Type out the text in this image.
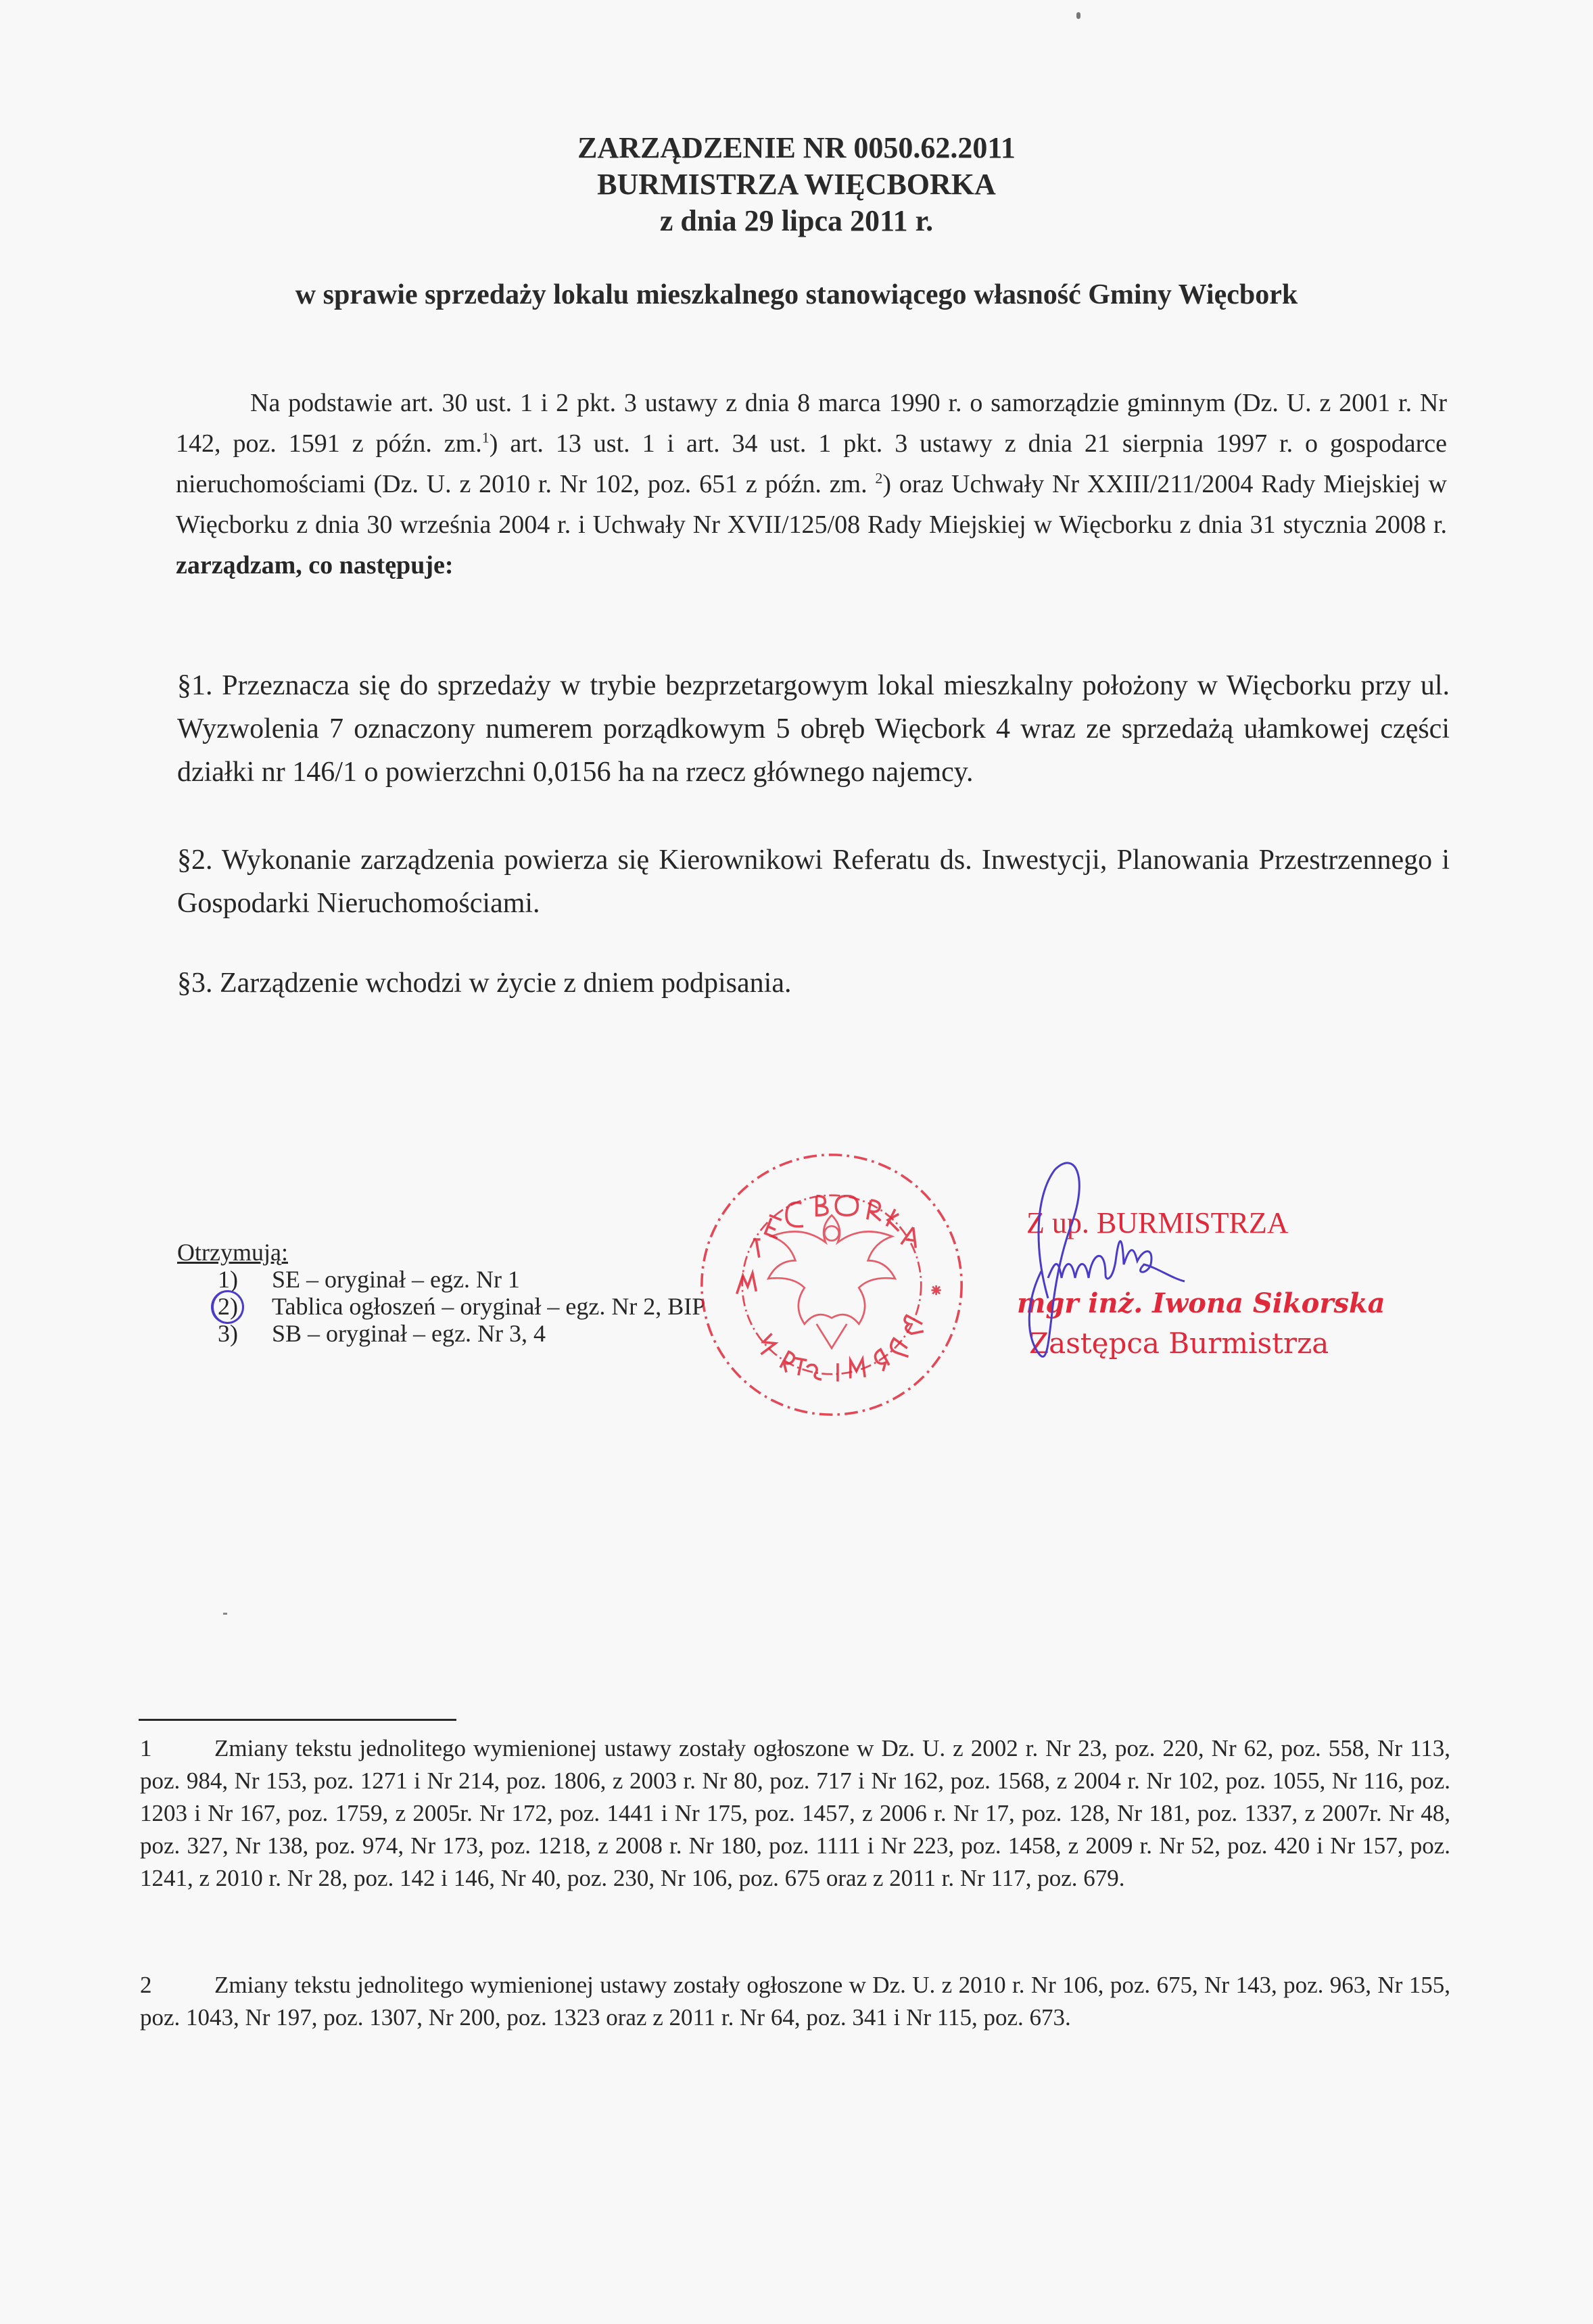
ZARZĄDZENIE NR 0050.62.2011
BURMISTRZA WIĘCBORKA
z dnia 29 lipca 2011 r.
w sprawie sprzedaży lokalu mieszkalnego stanowiącego własność Gminy Więcbork
Na podstawie art. 30 ust. 1 i 2 pkt. 3 ustawy z dnia 8 marca 1990 r. o samorządzie gminnym (Dz. U. z 2001 r. Nr 142, poz. 1591 z późn. zm.$^1$) art. 13 ust. 1 i art. 34 ust. 1 pkt. 3 ustawy z dnia 21 sierpnia 1997 r. o gospodarce nieruchomościami (Dz. U. z 2010 r. Nr 102, poz. 651 z późn. zm. $^2$) oraz Uchwały Nr XXIII/211/2004 Rady Miejskiej w Więcborku z dnia 30 września 2004 r. i Uchwały Nr XVII/125/08 Rady Miejskiej w Więcborku z dnia 31 stycznia 2008 r. zarządzam, co następuje:
§1. Przeznacza się do sprzedaży w trybie bezprzetargowym lokal mieszkalny położony w Więcborku przy ul. Wyzwolenia 7 oznaczony numerem porządkowym 5 obręb Więcbork 4 wraz ze sprzedażą ułamkowej części działki nr 146/1 o powierzchni 0,0156 ha na rzecz głównego najemcy.
§2. Wykonanie zarządzenia powierza się Kierownikowi Referatu ds. Inwestycji, Planowania Przestrzennego i Gospodarki Nieruchomościami.
§3. Zarządzenie wchodzi w życie z dniem podpisania.
Otrzymują:
1)	SE – oryginał – egz. Nr 1
2)	Tablica ogłoszeń – oryginał – egz. Nr 2, BIP
3)	SB – oryginał – egz. Nr 3, 4
Z up. BURMISTRZA
mgr inż. Iwona Sikorska
Zastępca Burmistrza
1	Zmiany tekstu jednolitego wymienionej ustawy zostały ogłoszone w Dz. U. z 2002 r. Nr 23, poz. 220, Nr 62, poz. 558, Nr 113, poz. 984, Nr 153, poz. 1271 i Nr 214, poz. 1806, z 2003 r. Nr 80, poz. 717 i Nr 162, poz. 1568, z 2004 r. Nr 102, poz. 1055, Nr 116, poz. 1203 i Nr 167, poz. 1759, z 2005r. Nr 172, poz. 1441 i Nr 175, poz. 1457, z 2006 r. Nr 17, poz. 128, Nr 181, poz. 1337, z 2007r. Nr 48, poz. 327, Nr 138, poz. 974, Nr 173, poz. 1218, z 2008 r. Nr 180, poz. 1111 i Nr 223, poz. 1458, z 2009 r. Nr 52, poz. 420 i Nr 157, poz. 1241, z 2010 r. Nr 28, poz. 142 i 146, Nr 40, poz. 230, Nr 106, poz. 675 oraz z 2011 r. Nr 117, poz. 679.
2	Zmiany tekstu jednolitego wymienionej ustawy zostały ogłoszone w Dz. U. z 2010 r. Nr 106, poz. 675, Nr 143, poz. 963, Nr 155, poz. 1043, Nr 197, poz. 1307, Nr 200, poz. 1323 oraz z 2011 r. Nr 64, poz. 341 i Nr 115, poz. 673.
